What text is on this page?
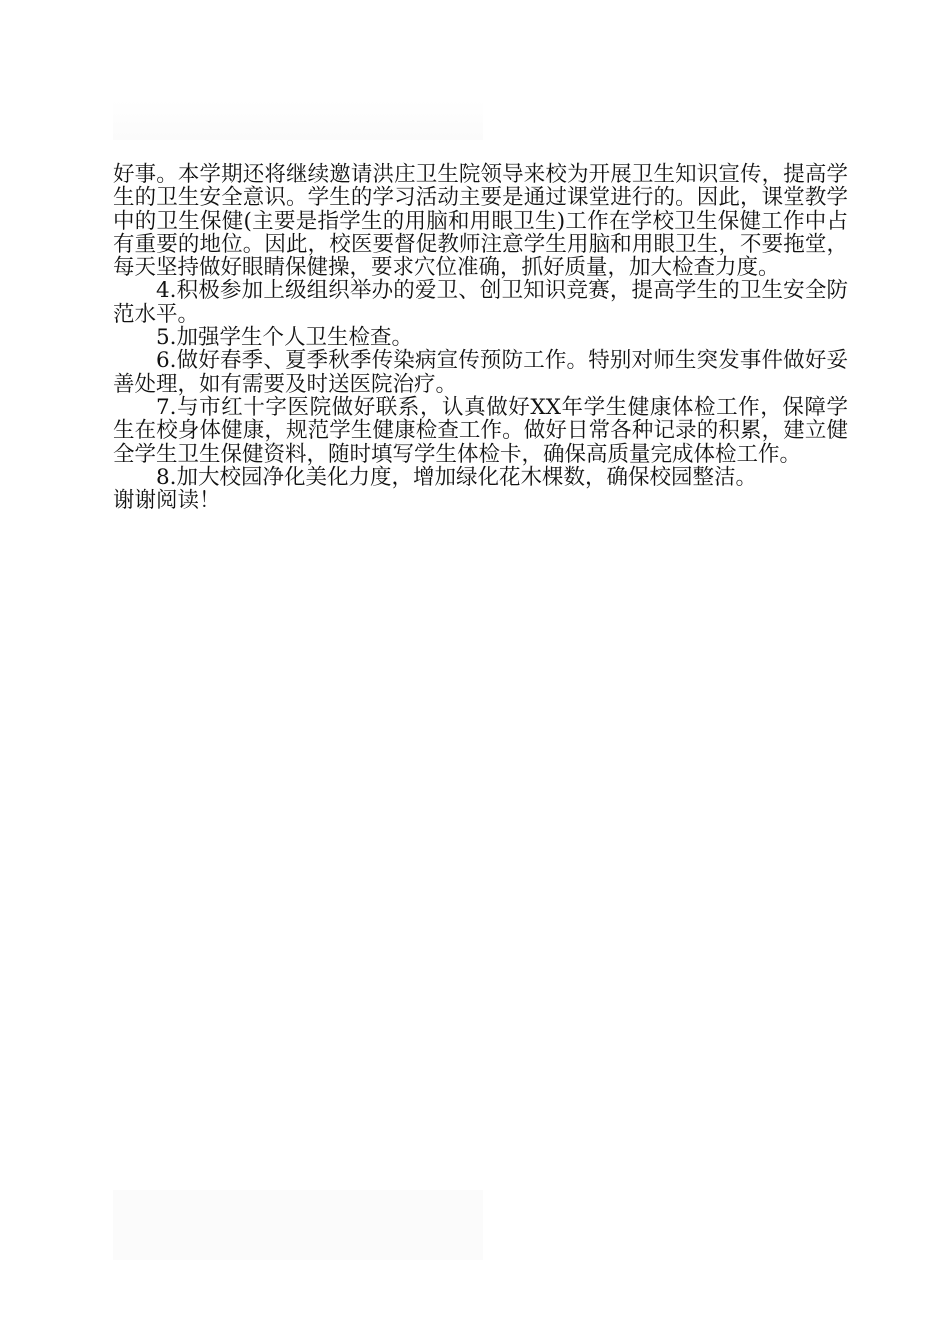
好事。本学期还将继续邀请洪庄卫生院领导来校为开展卫生知识宣传，提高学生的卫生安全意识。学生的学习活动主要是通过课堂进行的。因此，课堂教学中的卫生保健(主要是指学生的用脑和用眼卫生)工作在学校卫生保健工作中占有重要的地位。因此，校医要督促教师注意学生用脑和用眼卫生，不要拖堂，每天坚持做好眼睛保健操，要求穴位准确，抓好质量，加大检查力度。

4.积极参加上级组织举办的爱卫、创卫知识竞赛，提高学生的卫生安全防范水平。

5.加强学生个人卫生检查。

6.做好春季、夏季秋季传染病宣传预防工作。特别对师生突发事件做好妥善处理，如有需要及时送医院治疗。

7.与市红十字医院做好联系，认真做好XX年学生健康体检工作，保障学生在校身体健康，规范学生健康检查工作。做好日常各种记录的积累，建立健全学生卫生保健资料，随时填写学生体检卡，确保高质量完成体检工作。

8.加大校园净化美化力度，增加绿化花木棵数，确保校园整洁。

谢谢阅读！
